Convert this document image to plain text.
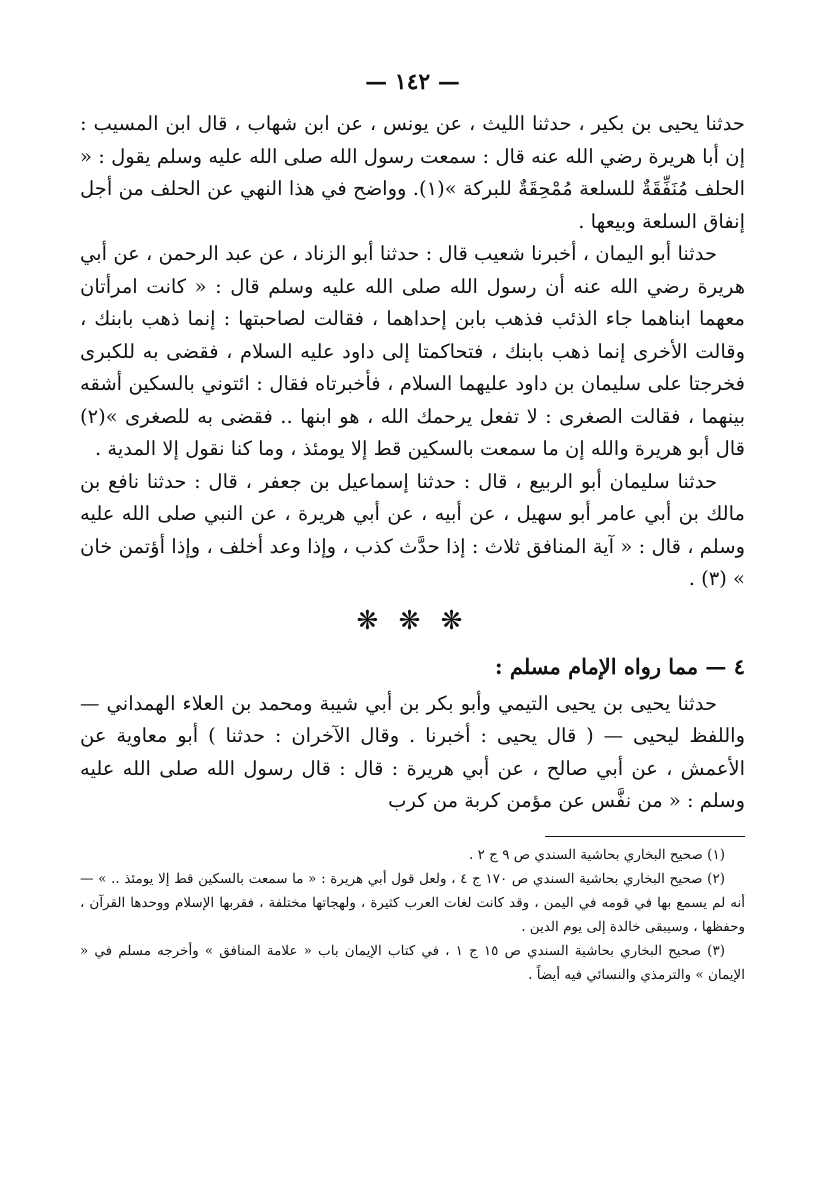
— ١٤٢ —

حدثنا يحيى بن بكير ، حدثنا الليث ، عن يونس ، عن ابن شهاب ، قال ابن المسيب : إن أبا هريرة رضي الله عنه قال : سمعت رسول الله صلى الله عليه وسلم يقول : « الحلف مُنَفِّقَةٌ للسلعة مُمْحِقَةٌ للبركة »(١). وواضح في هذا النهي عن الحلف من أجل إنفاق السلعة وبيعها .

حدثنا أبو اليمان ، أخبرنا شعيب قال : حدثنا أبو الزناد ، عن عبد الرحمن ، عن أبي هريرة رضي الله عنه أن رسول الله صلى الله عليه وسلم قال : « كانت امرأتان معهما ابناهما جاء الذئب فذهب بابن إحداهما ، فقالت لصاحبتها : إنما ذهب بابنك ، وقالت الأخرى إنما ذهب بابنك ، فتحاكمتا إلى داود عليه السلام ، فقضى به للكبرى فخرجتا على سليمان بن داود عليهما السلام ، فأخبرتاه فقال : ائتوني بالسكين أشقه بينهما ، فقالت الصغرى : لا تفعل يرحمك الله ، هو ابنها .. فقضى به للصغرى »(٢) قال أبو هريرة والله إن ما سمعت بالسكين قط إلا يومئذ ، وما كنا نقول إلا المدية .

حدثنا سليمان أبو الربيع ، قال : حدثنا إسماعيل بن جعفر ، قال : حدثنا نافع بن مالك بن أبي عامر أبو سهيل ، عن أبيه ، عن أبي هريرة ، عن النبي صلى الله عليه وسلم ، قال : « آية المنافق ثلاث : إذا حدَّث كذب ، وإذا وعد أخلف ، وإذا أؤتمن خان » (٣) .

❋ ❋ ❋
٤ — مما رواه الإمام مسلم :

حدثنا يحيى بن يحيى التيمي وأبو بكر بن أبي شيبة ومحمد بن العلاء الهمداني — واللفظ ليحيى — ( قال يحيى : أخبرنا . وقال الآخران : حدثنا ) أبو معاوية عن الأعمش ، عن أبي صالح ، عن أبي هريرة : قال : قال رسول الله صلى الله عليه وسلم : « من نفَّس عن مؤمن كربة من كرب

(١) صحيح البخاري بحاشية السندي ص ٩ ج ٢ .

(٢) صحيح البخاري بحاشية السندي ص ١٧٠ ج ٤ ، ولعل قول أبي هريرة : « ما سمعت بالسكين قط إلا يومئذ .. » — أنه لم يسمع بها في قومه في اليمن ، وقد كانت لغات العرب كثيرة ، ولهجاتها مختلفة ، فقربها الإسلام ووحدها القرآن ، وحفظها ، وسيبقى خالدة إلى يوم الدين .

(٣) صحيح البخاري بحاشية السندي ص ١٥ ج ١ ، في كتاب الإيمان باب « علامة المنافق » وأخرجه مسلم في « الإيمان » والترمذي والنسائي فيه أيضاً .
